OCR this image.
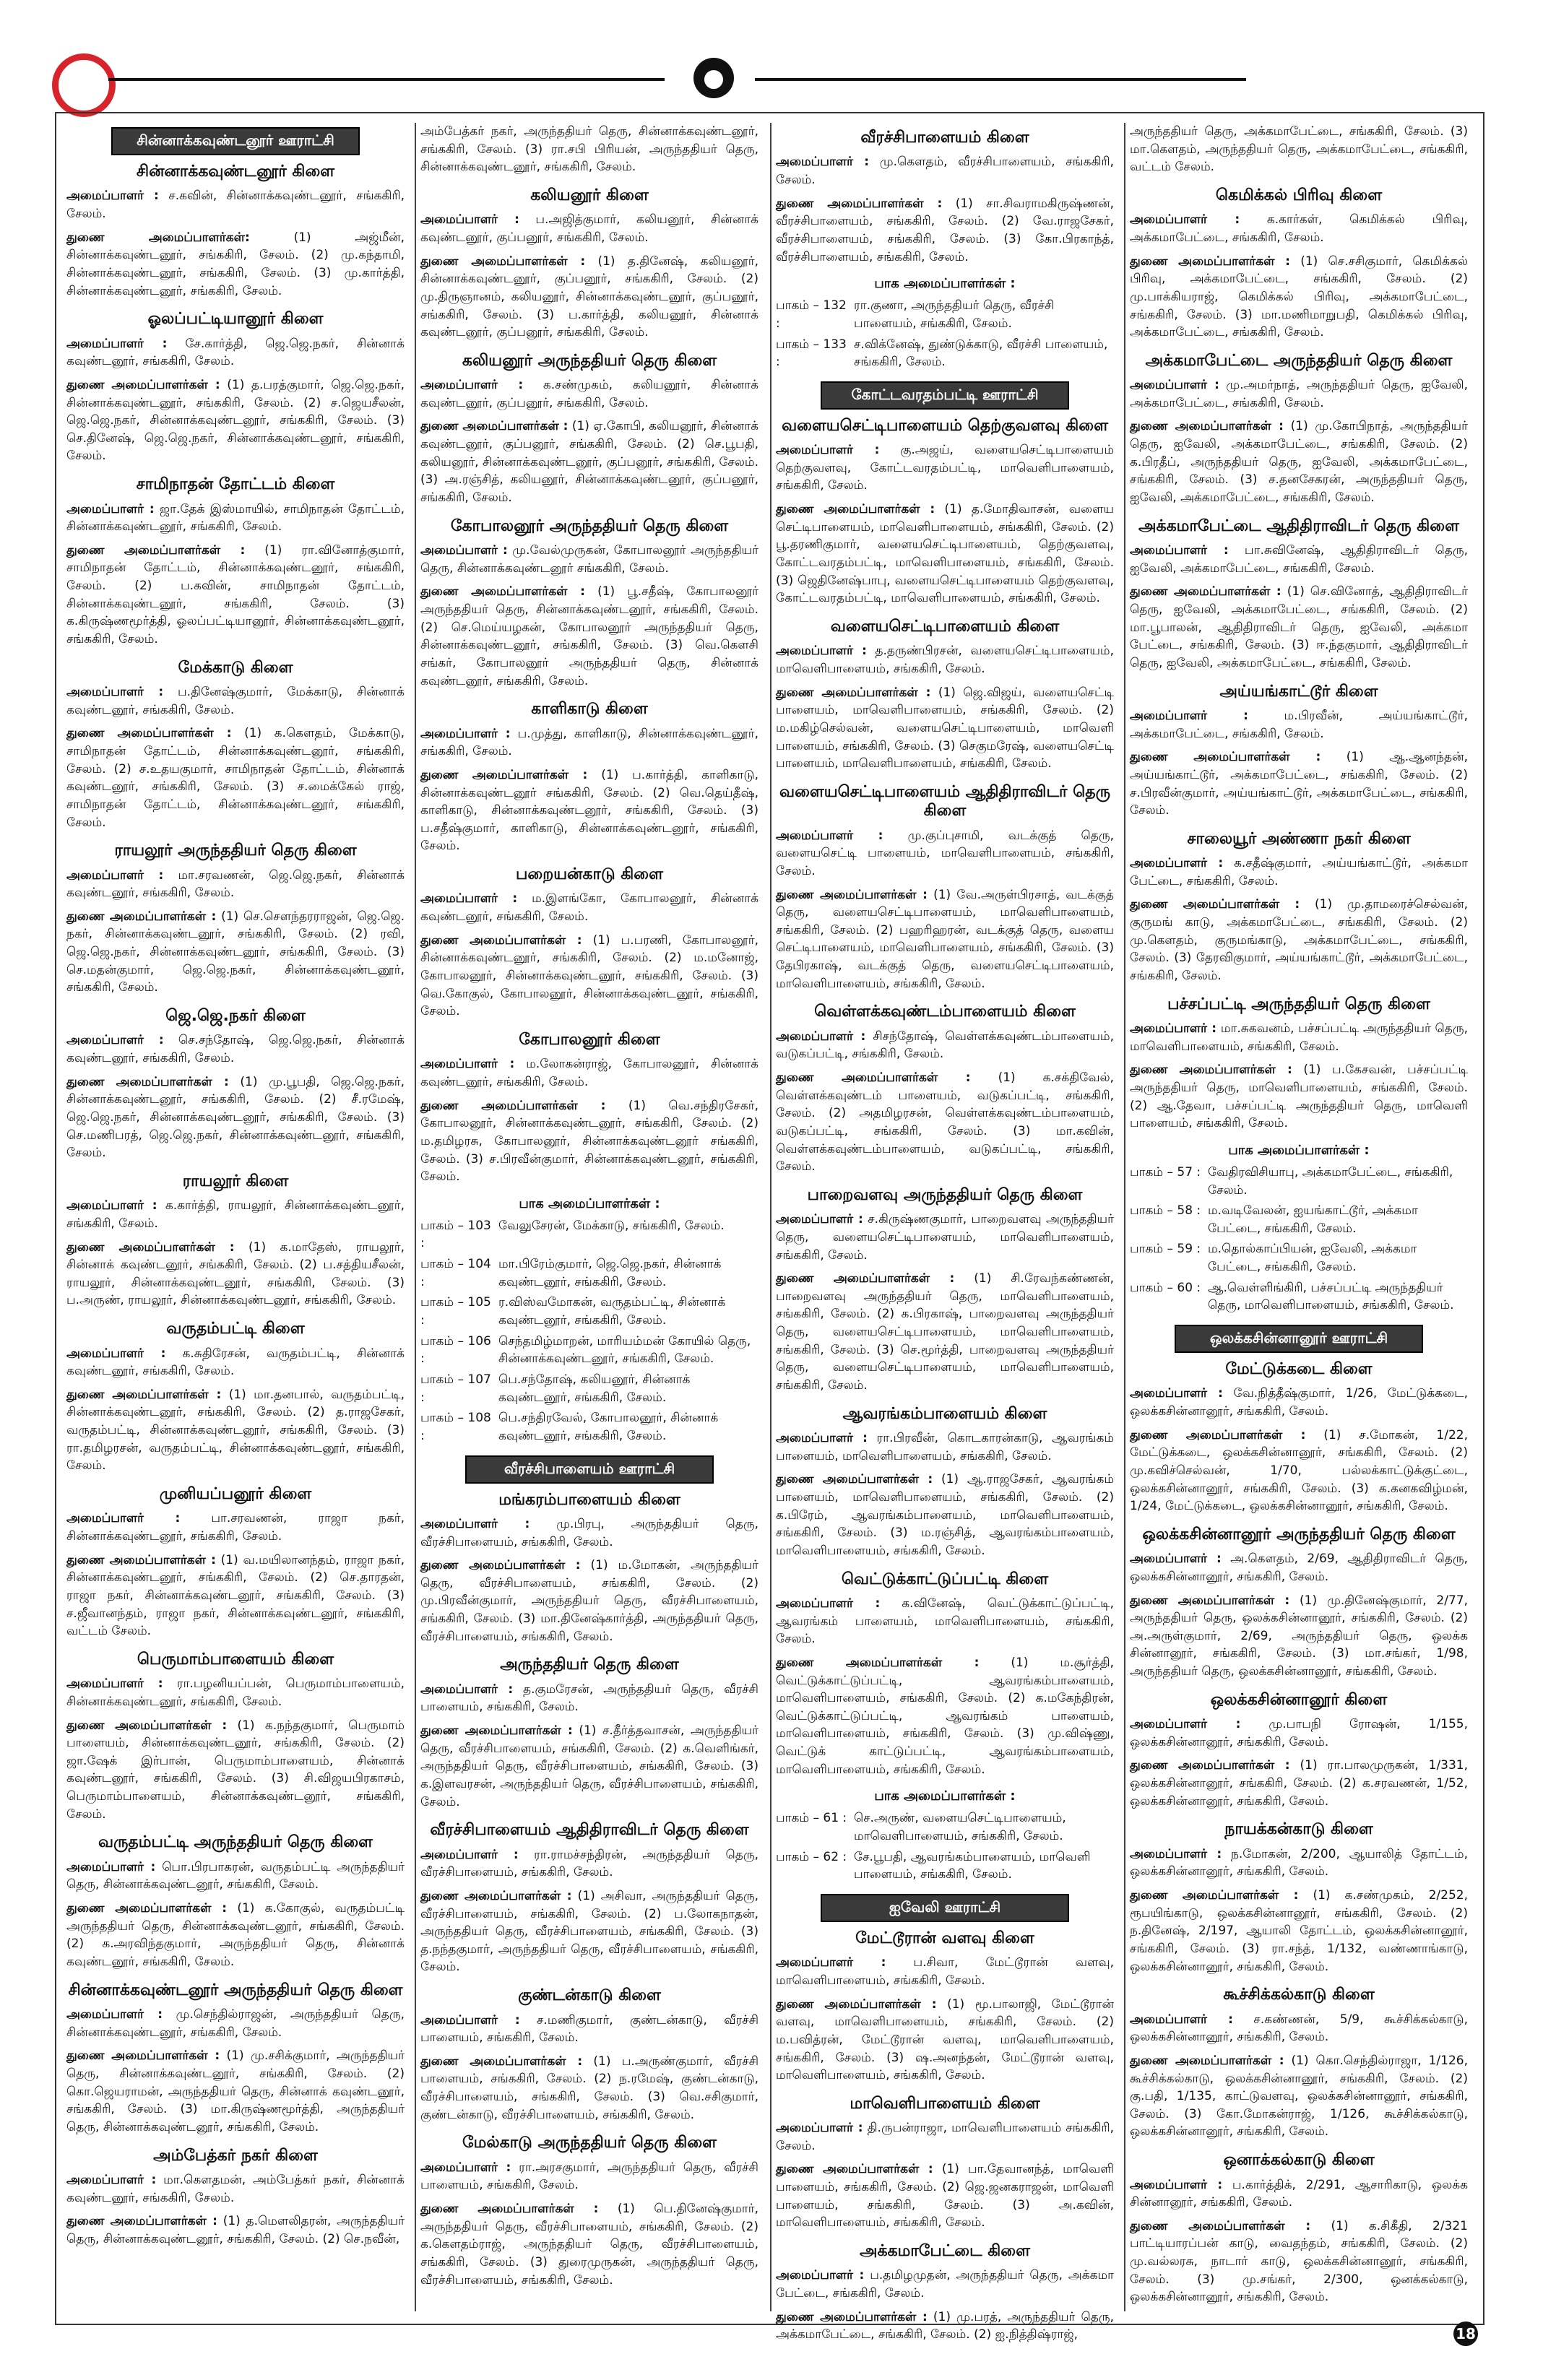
●
சின்னாக்கவுண்டனூர் ஊராட்சி
சின்னாக்கவுண்டனூர் கிளை

அமைப்பாளர் : ச.கவின், சின்னாக்கவுண்டனூர், சங்ககிரி, சேலம்.

துணை அமைப்பாளர்கள்:	(1) அஜ்மீன், சின்னாக்கவுண்டனூர், சங்ககிரி, சேலம். (2) மு.கந்தாமி, சின்னாக்கவுண்டனூர், சங்ககிரி, சேலம். (3) மு.கார்த்தி, சின்னாக்கவுண்டனூர், சங்ககிரி, சேலம்.

ஓலப்பட்டியானூர் கிளை

அமைப்பாளர் : சே.கார்த்தி, ஜெ.ஜெ.நகர், சின்னாக் கவுண்டனூர், சங்ககிரி, சேலம்.

துணை அமைப்பாளர்கள் : (1) த.பரத்குமார், ஜெ.ஜெ.நகர், சின்னாக்கவுண்டனூர், சங்ககிரி, சேலம். (2) ச.ஜெயசீலன், ஜெ.ஜெ.நகர், சின்னாக்கவுண்டனூர், சங்ககிரி, சேலம். (3) செ.தினேஷ், ஜெ.ஜெ.நகர், சின்னாக்கவுண்டனூர், சங்ககிரி, சேலம்.

சாமிநாதன் தோட்டம் கிளை

அமைப்பாளர் : ஜா.தேக் இஸ்மாயில், சாமிநாதன் தோட்டம், சின்னாக்கவுண்டனூர், சங்ககிரி, சேலம்.

துணை அமைப்பாளர்கள் : (1) ரா.வினோத்குமார், சாமிநாதன் தோட்டம், சின்னாக்கவுண்டனூர், சங்ககிரி, சேலம். (2) ப.கவின், சாமிநாதன் தோட்டம், சின்னாக்கவுண்டனூர், சங்ககிரி, சேலம். (3) க.கிருஷ்ணமூர்த்தி, ஓலப்பட்டியானூர், சின்னாக்கவுண்டனூர், சங்ககிரி, சேலம்.

மேக்காடு கிளை

அமைப்பாளர் : ப.தினேஷ்குமார், மேக்காடு, சின்னாக் கவுண்டனூர், சங்ககிரி, சேலம்.

துணை அமைப்பாளர்கள் : (1) க.கௌதம், மேக்காடு, சாமிநாதன் தோட்டம், சின்னாக்கவுண்டனூர், சங்ககிரி, சேலம். (2) ச.உதயகுமார், சாமிநாதன் தோட்டம், சின்னாக் கவுண்டனூர், சங்ககிரி, சேலம். (3) ச.மைக்கேல் ராஜ், சாமிநாதன் தோட்டம், சின்னாக்கவுண்டனூர், சங்ககிரி, சேலம்.

ராயலூர் அருந்ததியர் தெரு கிளை

அமைப்பாளர் : மா.சரவணன், ஜெ.ஜெ.நகர், சின்னாக் கவுண்டனூர், சங்ககிரி, சேலம்.

துணை அமைப்பாளர்கள் : (1) செ.சௌந்தரராஜன், ஜெ.ஜெ. நகர், சின்னாக்கவுண்டனூர், சங்ககிரி, சேலம். (2) ரவி, ஜெ.ஜெ.நகர், சின்னாக்கவுண்டனூர், சங்ககிரி, சேலம். (3) செ.மதன்குமார், ஜெ.ஜெ.நகர், சின்னாக்கவுண்டனூர், சங்ககிரி, சேலம்.

ஜெ.ஜெ.நகர் கிளை

அமைப்பாளர் : செ.சந்தோஷ், ஜெ.ஜெ.நகர், சின்னாக் கவுண்டனூர், சங்ககிரி, சேலம்.

துணை அமைப்பாளர்கள் : (1) மு.பூபதி, ஜெ.ஜெ.நகர், சின்னாக்கவுண்டனூர், சங்ககிரி, சேலம். (2) சீ.ரமேஷ், ஜெ.ஜெ.நகர், சின்னாக்கவுண்டனூர், சங்ககிரி, சேலம். (3) செ.மணிபரத், ஜெ.ஜெ.நகர், சின்னாக்கவுண்டனூர், சங்ககிரி, சேலம்.

ராயலூர் கிளை

அமைப்பாளர் : க.கார்த்தி, ராயலூர், சின்னாக்கவுண்டனூர், சங்ககிரி, சேலம்.

துணை அமைப்பாளர்கள் : (1) க.மாதேஸ், ராயலூர், சின்னாக் கவுண்டனூர், சங்ககிரி, சேலம். (2) ப.சத்தியசீலன், ராயலூர், சின்னாக்கவுண்டனூர், சங்ககிரி, சேலம். (3) ப.அருண், ராயலூர், சின்னாக்கவுண்டனூர், சங்ககிரி, சேலம்.

வருதம்பட்டி கிளை

அமைப்பாளர் : க.சுதிரேசன், வருதம்பட்டி, சின்னாக் கவுண்டனூர், சங்ககிரி, சேலம்.

துணை அமைப்பாளர்கள் : (1) மா.தனபால், வருதம்பட்டி, சின்னாக்கவுண்டனூர், சங்ககிரி, சேலம். (2) த.ராஜசேகர், வருதம்பட்டி, சின்னாக்கவுண்டனூர், சங்ககிரி, சேலம். (3) ரா.தமிழரசன், வருதம்பட்டி, சின்னாக்கவுண்டனூர், சங்ககிரி, சேலம்.

முனியப்பனூர் கிளை

அமைப்பாளர் :	பா.சரவணன், ராஜா நகர், சின்னாக்கவுண்டனூர், சங்ககிரி, சேலம்.

துணை அமைப்பாளர்கள் : (1) வ.மயிலானந்தம், ராஜா நகர், சின்னாக்கவுண்டனூர், சங்ககிரி, சேலம். (2) செ.தாரதன், ராஜா நகர், சின்னாக்கவுண்டனூர், சங்ககிரி, சேலம். (3) ச.ஜீவானந்தம், ராஜா நகர், சின்னாக்கவுண்டனூர், சங்ககிரி, வட்டம் சேலம்.

பெருமாம்பாளையம் கிளை

அமைப்பாளர் : ரா.பழனியப்பன், பெருமாம்பாளையம், சின்னாக்கவுண்டனூர், சங்ககிரி, சேலம்.

துணை அமைப்பாளர்கள் : (1) க.நந்தகுமார், பெருமாம் பாளையம், சின்னாக்கவுண்டனூர், சங்ககிரி, சேலம். (2) ஜா.ஷேக் இர்பான், பெருமாம்பாளையம், சின்னாக் கவுண்டனூர், சங்ககிரி, சேலம். (3) சி.விஜயபிரகாசம், பெருமாம்பாளையம், சின்னாக்கவுண்டனூர், சங்ககிரி, சேலம்.

வருதம்பட்டி அருந்ததியர் தெரு கிளை

அமைப்பாளர் : பொ.பிரபாகரன், வருதம்பட்டி அருந்ததியர் தெரு, சின்னாக்கவுண்டனூர், சங்ககிரி, சேலம்.

துணை அமைப்பாளர்கள் : (1) க.கோகுல், வருதம்பட்டி அருந்ததியர் தெரு, சின்னாக்கவுண்டனூர், சங்ககிரி, சேலம். (2) க.அரவிந்தகுமார், அருந்ததியர் தெரு, சின்னாக் கவுண்டனூர், சங்ககிரி, சேலம்.

சின்னாக்கவுண்டனூர் அருந்ததியர் தெரு கிளை

அமைப்பாளர் : மு.செந்தில்ராஜன், அருந்ததியர் தெரு, சின்னாக்கவுண்டனூர், சங்ககிரி, சேலம்.

துணை அமைப்பாளர்கள் : (1) மு.சசிக்குமார், அருந்ததியர் தெரு, சின்னாக்கவுண்டனூர், சங்ககிரி, சேலம். (2) கொ.ஜெயராமன், அருந்ததியர் தெரு, சின்னாக் கவுண்டனூர், சங்ககிரி, சேலம். (3) மா.கிருஷ்ணமூர்த்தி, அருந்ததியர் தெரு, சின்னாக்கவுண்டனூர், சங்ககிரி, சேலம்.

அம்பேத்கர் நகர் கிளை

அமைப்பாளர் : மா.கௌதமன், அம்பேத்கர் நகர், சின்னாக் கவுண்டனூர், சங்ககிரி, சேலம்.

துணை அமைப்பாளர்கள் : (1) த.மௌலிதரன், அருந்ததியர் தெரு, சின்னாக்கவுண்டனூர், சங்ககிரி, சேலம். (2) செ.நவீன்,

அம்பேத்கர் நகர், அருந்ததியர் தெரு, சின்னாக்கவுண்டனூர், சங்ககிரி, சேலம். (3) ரா.சபி பிரியன், அருந்ததியர் தெரு, சின்னாக்கவுண்டனூர், சங்ககிரி, சேலம்.

கலியனூர் கிளை

அமைப்பாளர் : ப.அஜித்குமார், கலியனூர், சின்னாக் கவுண்டனூர், குப்பனூர், சங்ககிரி, சேலம்.

துணை அமைப்பாளர்கள் : (1) த.தினேஷ், கலியனூர், சின்னாக்கவுண்டனூர், குப்பனூர், சங்ககிரி, சேலம். (2) மு.திருஞானம், கலியனூர், சின்னாக்கவுண்டனூர், குப்பனூர், சங்ககிரி, சேலம். (3) ப.கார்த்தி, கலியனூர், சின்னாக் கவுண்டனூர், குப்பனூர், சங்ககிரி, சேலம்.

கலியனூர் அருந்ததியர் தெரு கிளை

அமைப்பாளர் : க.சண்முகம், கலியனூர், சின்னாக் கவுண்டனூர், குப்பனூர், சங்ககிரி, சேலம்.

துணை அமைப்பாளர்கள் : (1) ஏ.கோபி, கலியனூர், சின்னாக் கவுண்டனூர், குப்பனூர், சங்ககிரி, சேலம். (2) செ.பூபதி, கலியனூர், சின்னாக்கவுண்டனூர், குப்பனூர், சங்ககிரி, சேலம். (3) அ.ரஞ்சித், கலியனூர், சின்னாக்கவுண்டனூர், குப்பனூர், சங்ககிரி, சேலம்.

கோபாலனூர் அருந்ததியர் தெரு கிளை

அமைப்பாளர் : மு.வேல்முருகன், கோபாலனூர் அருந்ததியர் தெரு, சின்னாக்கவுண்டனூர் சங்ககிரி, சேலம்.

துணை அமைப்பாளர்கள் : (1) பூ.சதீஷ், கோபாலனூர் அருந்ததியர் தெரு, சின்னாக்கவுண்டனூர், சங்ககிரி, சேலம். (2) செ.மெய்யழகன், கோபாலனூர் அருந்ததியர் தெரு, சின்னாக்கவுண்டனூர், சங்ககிரி, சேலம். (3) வெ.கௌசி சங்கர், கோபாலனூர் அருந்ததியர் தெரு, சின்னாக் கவுண்டனூர், சங்ககிரி, சேலம்.

காளிகாடு கிளை

அமைப்பாளர் : ப.முத்து, காளிகாடு, சின்னாக்கவுண்டனூர், சங்ககிரி, சேலம்.

துணை அமைப்பாளர்கள் : (1) ப.கார்த்தி, காளிகாடு, சின்னாக்கவுண்டனூர் சங்ககிரி, சேலம். (2) வெ.தெய்தீஷ், காளிகாடு, சின்னாக்கவுண்டனூர், சங்ககிரி, சேலம். (3) ப.சதீஷ்குமார், காளிகாடு, சின்னாக்கவுண்டனூர், சங்ககிரி, சேலம்.

பறையன்காடு கிளை

அமைப்பாளர் : ம.இளங்கோ, கோபாலனூர், சின்னாக் கவுண்டனூர், சங்ககிரி, சேலம்.

துணை அமைப்பாளர்கள் : (1) ப.பரணி, கோபாலனூர், சின்னாக்கவுண்டனூர், சங்ககிரி, சேலம். (2) ம.மனோஜ், கோபாலனூர், சின்னாக்கவுண்டனூர், சங்ககிரி, சேலம். (3) வெ.கோகுல், கோபாலனூர், சின்னாக்கவுண்டனூர், சங்ககிரி, சேலம்.

கோபாலனூர் கிளை

அமைப்பாளர் : ம.லோகன்ராஜ், கோபாலனூர், சின்னாக் கவுண்டனூர், சங்ககிரி, சேலம்.

துணை அமைப்பாளர்கள் : (1) வெ.சந்திரசேகர், கோபாலனூர், சின்னாக்கவுண்டனூர், சங்ககிரி, சேலம். (2) ம.தமிழரசு, கோபாலனூர், சின்னாக்கவுண்டனூர் சங்ககிரி, சேலம். (3) ச.பிரவீன்குமார், சின்னாக்கவுண்டனூர், சங்ககிரி, சேலம்.

பாக அமைப்பாளர்கள் :
பாகம் – 103 :
வேலுசேரன், மேக்காடு, சங்ககிரி, சேலம்.
பாகம் – 104 :
மா.பிரேம்குமார், ஜெ.ஜெ.நகர், சின்னாக் கவுண்டனூர், சங்ககிரி, சேலம்.
பாகம் – 105 :
ர.விஸ்வமோகன், வருதம்பட்டி, சின்னாக் கவுண்டனூர், சங்ககிரி, சேலம்.
பாகம் – 106 :
செந்தமிழ்மாறன், மாரியம்மன் கோயில் தெரு, சின்னாக்கவுண்டனூர், சங்ககிரி, சேலம்.
பாகம் – 107 :
பெ.சந்தோஷ், கலியனூர், சின்னாக் கவுண்டனூர், சங்ககிரி, சேலம்.
பாகம் – 108 :
பெ.சந்திரவேல், கோபாலனூர், சின்னாக் கவுண்டனூர், சங்ககிரி, சேலம்.
வீரச்சிபாளையம் ஊராட்சி
மங்கரம்பாளையம் கிளை

அமைப்பாளர் : மு.பிரபு, அருந்ததியர் தெரு, வீரச்சிபாளையம், சங்ககிரி, சேலம்.

துணை அமைப்பாளர்கள் : (1) ம.மோகன், அருந்ததியர் தெரு, வீரச்சிபாளையம், சங்ககிரி, சேலம். (2) மு.பிரவீன்குமார், அருந்ததியர் தெரு, வீரச்சிபாளையம், சங்ககிரி, சேலம். (3) மா.தினேஷ்கார்த்தி, அருந்ததியர் தெரு, வீரச்சிபாளையம், சங்ககிரி, சேலம்.

அருந்ததியர் தெரு கிளை

அமைப்பாளர் : த.குமரேசன், அருந்ததியர் தெரு, வீரச்சி பாளையம், சங்ககிரி, சேலம்.

துணை அமைப்பாளர்கள் : (1) ச.தீர்த்தவாசன், அருந்ததியர் தெரு, வீரச்சிபாளையம், சங்ககிரி, சேலம். (2) க.வெளிங்கர், அருந்ததியர் தெரு, வீரச்சிபாளையம், சங்ககிரி, சேலம். (3) க.இளவரசன், அருந்ததியர் தெரு, வீரச்சிபாளையம், சங்ககிரி, சேலம்.

வீரச்சிபாளையம் ஆதிதிராவிடர் தெரு கிளை

அமைப்பாளர் : ரா.ராமச்சந்திரன், அருந்ததியர் தெரு, வீரச்சிபாளையம், சங்ககிரி, சேலம்.

துணை அமைப்பாளர்கள் : (1) அசிவா, அருந்ததியர் தெரு, வீரச்சிபாளையம், சங்ககிரி, சேலம். (2) ப.லோகநாதன், அருந்ததியர் தெரு, வீரச்சிபாளையம், சங்ககிரி, சேலம். (3) த.நந்தகுமார், அருந்ததியர் தெரு, வீரச்சிபாளையம், சங்ககிரி, சேலம்.

குண்டன்காடு கிளை

அமைப்பாளர் : ச.மணிகுமார், குண்டன்காடு, வீரச்சி பாளையம், சங்ககிரி, சேலம்.

துணை அமைப்பாளர்கள் : (1) ப.அருண்குமார், வீரச்சி பாளையம், சங்ககிரி, சேலம். (2) ந.ரமேஷ், குண்டன்காடு, வீரச்சிபாளையம், சங்ககிரி, சேலம். (3) வெ.சசிகுமார், குண்டன்காடு, வீரச்சிபாளையம், சங்ககிரி, சேலம்.

மேல்காடு அருந்ததியர் தெரு கிளை

அமைப்பாளர் : ரா.அரசகுமார், அருந்ததியர் தெரு, வீரச்சி பாளையம், சங்ககிரி, சேலம்.

துணை அமைப்பாளர்கள் : (1) பெ.தினேஷ்குமார், அருந்ததியர் தெரு, வீரச்சிபாளையம், சங்ககிரி, சேலம். (2) க.கௌதம்ராஜ், அருந்ததியர் தெரு, வீரச்சிபாளையம், சங்ககிரி, சேலம். (3) துரைமுருகன், அருந்ததியர் தெரு, வீரச்சிபாளையம், சங்ககிரி, சேலம்.

வீரச்சிபாளையம் கிளை

அமைப்பாளர் : மு.கௌதம், வீரச்சிபாளையம், சங்ககிரி, சேலம்.

துணை அமைப்பாளர்கள் : (1) சா.சிவராமகிருஷ்ணன், வீரச்சிபாளையம், சங்ககிரி, சேலம். (2) வே.ராஜசேகர், வீரச்சிபாளையம், சங்ககிரி, சேலம். (3) கோ.பிரகாந்த், வீரச்சிபாளையம், சங்ககிரி, சேலம்.

பாக அமைப்பாளர்கள் :
பாகம் – 132 :
ரா.குணா, அருந்ததியர் தெரு, வீரச்சி பாளையம், சங்ககிரி, சேலம்.
பாகம் – 133 :
ச.விக்னேஷ், துண்டுக்காடு, வீரச்சி பாளையம், சங்ககிரி, சேலம்.
கோட்டவரதம்பட்டி ஊராட்சி
வளையசெட்டிபாளையம் தெற்குவளவு கிளை

அமைப்பாளர் : கு.அஜய், வளையசெட்டிபாளையம் தெற்குவளவு, கோட்டவரதம்பட்டி, மாவெளிபாளையம், சங்ககிரி, சேலம்.

துணை அமைப்பாளர்கள் : (1) த.மோதிவாசன், வளைய செட்டிபாளையம், மாவெளிபாளையம், சங்ககிரி, சேலம். (2) பூ.தரணிகுமார், வளையசெட்டிபாளையம், தெற்குவளவு, கோட்டவரதம்பட்டி, மாவெளிபாளையம், சங்ககிரி, சேலம். (3) ஜெதினேஷ்பாபு, வளையசெட்டிபாளையம் தெற்குவளவு, கோட்டவரதம்பட்டி, மாவெளிபாளையம், சங்ககிரி, சேலம்.

வளையசெட்டிபாளையம் கிளை

அமைப்பாளர் : த.தருண்பிரசன், வளையசெட்டிபாளையம், மாவெளிபாளையம், சங்ககிரி, சேலம்.

துணை அமைப்பாளர்கள் : (1) ஜெ.விஜய், வளையசெட்டி பாளையம், மாவெளிபாளையம், சங்ககிரி, சேலம். (2) ம.மகிழ்செல்வன், வளையசெட்டிபாளையம், மாவெளி பாளையம், சங்ககிரி, சேலம். (3) செகுமரேஷ், வளையசெட்டி பாளையம், மாவெளிபாளையம், சங்ககிரி, சேலம்.

வளையசெட்டிபாளையம் ஆதிதிராவிடர் தெரு கிளை

அமைப்பாளர் : மு.குப்புசாமி, வடக்குத் தெரு, வளையசெட்டி பாளையம், மாவெளிபாளையம், சங்ககிரி, சேலம்.

துணை அமைப்பாளர்கள் : (1) வே.அருள்பிரசாத், வடக்குத் தெரு, வளையசெட்டிபாளையம், மாவெளிபாளையம், சங்ககிரி, சேலம். (2) பஹரிஹரன், வடக்குத் தெரு, வளைய செட்டிபாளையம், மாவெளிபாளையம், சங்ககிரி, சேலம். (3) தேபிரகாஷ், வடக்குத் தெரு, வளையசெட்டிபாளையம், மாவெளிபாளையம், சங்ககிரி, சேலம்.

வெள்ளக்கவுண்டம்பாளையம் கிளை

அமைப்பாளர் : சிசந்தோஷ், வெள்ளக்கவுண்டம்பாளையம், வடுகப்பட்டி, சங்ககிரி, சேலம்.

துணை அமைப்பாளர்கள் : (1) க.சக்திவேல், வெள்ளக்கவுண்டம் பாளையம், வடுகப்பட்டி, சங்ககிரி, சேலம். (2) அதமிழரசன், வெள்ளக்கவுண்டம்பாளையம், வடுகப்பட்டி, சங்ககிரி, சேலம். (3) மா.கவின், வெள்ளக்கவுண்டம்பாளையம், வடுகப்பட்டி, சங்ககிரி, சேலம்.

பாறைவளவு அருந்ததியர் தெரு கிளை

அமைப்பாளர் : ச.கிருஷ்ணகுமார், பாறைவளவு அருந்ததியர் தெரு, வளையசெட்டிபாளையம், மாவெளிபாளையம், சங்ககிரி, சேலம்.

துணை அமைப்பாளர்கள் : (1) சி.ரேவந்கண்ணன், பாறைவளவு அருந்ததியர் தெரு, மாவெளிபாளையம், சங்ககிரி, சேலம். (2) க.பிரகாஷ், பாறைவளவு அருந்ததியர் தெரு, வளையசெட்டிபாளையம், மாவெளிபாளையம், சங்ககிரி, சேலம். (3) செ.மூர்த்தி, பாறைவளவு அருந்ததியர் தெரு, வளையசெட்டிபாளையம், மாவெளிபாளையம், சங்ககிரி, சேலம்.

ஆவரங்கம்பாளையம் கிளை

அமைப்பாளர் : ரா.பிரவீன், கொடகாரன்காடு, ஆவரங்கம் பாளையம், மாவெளிபாளையம், சங்ககிரி, சேலம்.

துணை அமைப்பாளர்கள் : (1) ஆ.ராஜசேகர், ஆவரங்கம் பாளையம், மாவெளிபாளையம், சங்ககிரி, சேலம். (2) க.பிரேம், ஆவரங்கம்பாளையம், மாவெளிபாளையம், சங்ககிரி, சேலம். (3) ம.ரஞ்சித், ஆவரங்கம்பாளையம், மாவெளிபாளையம், சங்ககிரி, சேலம்.

வெட்டுக்காட்டுப்பட்டி கிளை

அமைப்பாளர் : க.வினேஷ், வெட்டுக்காட்டுப்பட்டி, ஆவரங்கம் பாளையம், மாவெளிபாளையம், சங்ககிரி, சேலம்.

துணை அமைப்பாளர்கள் :	(1) ம.சூர்த்தி, வெட்டுக்காட்டுப்பட்டி, ஆவரங்கம்பாளையம், மாவெளிபாளையம், சங்ககிரி, சேலம். (2) க.மகேந்திரன், வெட்டுக்காட்டுப்பட்டி, ஆவரங்கம் பாளையம், மாவெளிபாளையம், சங்ககிரி, சேலம். (3) மு.விஷ்ணு, வெட்டுக் காட்டுப்பட்டி, ஆவரங்கம்பாளையம், மாவெளிபாளையம், சங்ககிரி, சேலம்.

பாக அமைப்பாளர்கள் :
பாகம் – 61 : செ.அருண், வளையசெட்டிபாளையம், மாவெளிபாளையம், சங்ககிரி, சேலம்.
பாகம் – 62 : சே.பூபதி, ஆவரங்கம்பாளையம், மாவெளி பாளையம், சங்ககிரி, சேலம்.
ஐவேலி ஊராட்சி
மேட்டூரான் வளவு கிளை

அமைப்பாளர் : ப.சிவா, மேட்டூரான் வளவு, மாவெளிபாளையம், சங்ககிரி, சேலம்.

துணை அமைப்பாளர்கள் : (1) மூ.பாலாஜி, மேட்டூரான் வளவு, மாவெளிபாளையம், சங்ககிரி, சேலம். (2) ம.பவித்ரன், மேட்டூரான் வளவு, மாவெளிபாளையம், சங்ககிரி, சேலம். (3) ஷ.அனந்தன், மேட்டூரான் வளவு, மாவெளிபாளையம், சங்ககிரி, சேலம்.

மாவெளிபாளையம் கிளை

அமைப்பாளர் : தி.ருபன்ராஜா, மாவெளிபாளையம் சங்ககிரி, சேலம்.

துணை அமைப்பாளர்கள் : (1) பா.தேவானந்த், மாவெளி பாளையம், சங்ககிரி, சேலம். (2) ஜெ.ஜனகராஜன், மாவெளி பாளையம், சங்ககிரி, சேலம். (3) அ.கவின், மாவெளிபாளையம், சங்ககிரி, சேலம்.

அக்கமாபேட்டை கிளை

அமைப்பாளர் : ப.தமிழமுதன், அருந்ததியர் தெரு, அக்கமா பேட்டை, சங்ககிரி, சேலம்.

துணை அமைப்பாளர்கள் : (1) மு.பரத், அருந்ததியர் தெரு, அக்கமாபேட்டை, சங்ககிரி, சேலம். (2) ஐ.நித்திஷ்ராஜ்,

அருந்ததியர் தெரு, அக்கமாபேட்டை, சங்ககிரி, சேலம். (3) மா.கௌதம், அருந்ததியர் தெரு, அக்கமாபேட்டை, சங்ககிரி, வட்டம் சேலம்.

கெமிக்கல் பிரிவு கிளை

அமைப்பாளர் : க.கார்கள், கெமிக்கல் பிரிவு, அக்கமாபேட்டை, சங்ககிரி, சேலம்.

துணை அமைப்பாளர்கள் : (1) செ.சசிகுமார், கெமிக்கல் பிரிவு, அக்கமாபேட்டை, சங்ககிரி, சேலம். (2) மு.பாக்கியராஜ், கெமிக்கல் பிரிவு, அக்கமாபேட்டை, சங்ககிரி, சேலம். (3) மா.மணிமாறுபதி, கெமிக்கல் பிரிவு, அக்கமாபேட்டை, சங்ககிரி, சேலம்.

அக்கமாபேட்டை அருந்ததியர் தெரு கிளை

அமைப்பாளர் : மு.அமர்நாத், அருந்ததியர் தெரு, ஐவேலி, அக்கமாபேட்டை, சங்ககிரி, சேலம்.

துணை அமைப்பாளர்கள் : (1) மு.கோபிநாத், அருந்ததியர் தெரு, ஐவேலி, அக்கமாபேட்டை, சங்ககிரி, சேலம். (2) க.பிரதீப், அருந்ததியர் தெரு, ஐவேலி, அக்கமாபேட்டை, சங்ககிரி, சேலம். (3) ச.தனசேகரன், அருந்ததியர் தெரு, ஐவேலி, அக்கமாபேட்டை, சங்ககிரி, சேலம்.

அக்கமாபேட்டை ஆதிதிராவிடர் தெரு கிளை

அமைப்பாளர் : பா.சுவினேஷ், ஆதிதிராவிடர் தெரு, ஐவேலி, அக்கமாபேட்டை, சங்ககிரி, சேலம்.

துணை அமைப்பாளர்கள் : (1) செ.வினோத், ஆதிதிராவிடர் தெரு, ஐவேலி, அக்கமாபேட்டை, சங்ககிரி, சேலம். (2) மா.பூபாலன், ஆதிதிராவிடர் தெரு, ஐவேலி, அக்கமா பேட்டை, சங்ககிரி, சேலம். (3) ஈ.ந்தகுமார், ஆதிதிராவிடர் தெரு, ஐவேலி, அக்கமாபேட்டை, சங்ககிரி, சேலம்.

அய்யங்காட்டூர் கிளை

அமைப்பாளர் :	ம.பிரவீன், அய்யங்காட்டூர், அக்கமாபேட்டை, சங்ககிரி, சேலம்.

துணை அமைப்பாளர்கள் : (1) ஆ.ஆனந்தன், அய்யங்காட்டூர், அக்கமாபேட்டை, சங்ககிரி, சேலம். (2) ச.பிரவீன்குமார், அய்யங்காட்டூர், அக்கமாபேட்டை, சங்ககிரி, சேலம்.

சாலையூர் அண்ணா நகர் கிளை

அமைப்பாளர் : க.சதீஷ்குமார், அய்யங்காட்டூர், அக்கமா பேட்டை, சங்ககிரி, சேலம்.

துணை அமைப்பாளர்கள் : (1) மு.தாமரைச்செல்வன், குருமங் காடு, அக்கமாபேட்டை, சங்ககிரி, சேலம். (2) மு.கௌதம், குருமங்காடு, அக்கமாபேட்டை, சங்ககிரி, சேலம். (3) தேரவிகுமார், அய்யங்காட்டூர், அக்கமாபேட்டை, சங்ககிரி, சேலம்.

பச்சப்பட்டி அருந்ததியர் தெரு கிளை

அமைப்பாளர் : மா.சுகவனம், பச்சப்பட்டி அருந்ததியர் தெரு, மாவெளிபாளையம், சங்ககிரி, சேலம்.

துணை அமைப்பாளர்கள் : (1) ப.கேசவன், பச்சப்பட்டி அருந்ததியர் தெரு, மாவெளிபாளையம், சங்ககிரி, சேலம். (2) ஆ.தேவா, பச்சப்பட்டி அருந்ததியர் தெரு, மாவெளி பாளையம், சங்ககிரி, சேலம்.

பாக அமைப்பாளர்கள் :
பாகம் – 57 : வேதிரவிசியாபு, அக்கமாபேட்டை, சங்ககிரி, சேலம்.
பாகம் – 58 : ம.வடிவேலன், ஐயங்காட்டூர், அக்கமா பேட்டை, சங்ககிரி, சேலம்.
பாகம் – 59 : ம.தொல்காப்பியன், ஐவேலி, அக்கமா பேட்டை, சங்ககிரி, சேலம்.
பாகம் – 60 : ஆ.வெள்ளிங்கிரி, பச்சப்பட்டி அருந்ததியர் தெரு, மாவெளிபாளையம், சங்ககிரி, சேலம்.
ஒலக்கசின்னானூர் ஊராட்சி
மேட்டுக்கடை கிளை

அமைப்பாளர் : வே.நித்தீஷ்குமார், 1/26, மேட்டுக்கடை, ஒலக்கசின்னானூர், சங்ககிரி, சேலம்.

துணை அமைப்பாளர்கள் : (1) ச.மோகன், 1/22, மேட்டுக்கடை, ஒலக்கசின்னானூர், சங்ககிரி, சேலம். (2) மு.கவிச்செல்வன், 1/70, பல்லக்காட்டுக்குட்டை, ஒலக்கசின்னானூர், சங்ககிரி, சேலம். (3) க.கனகவிழ்மன், 1/24, மேட்டுக்கடை, ஒலக்கசின்னானூர், சங்ககிரி, சேலம்.

ஒலக்கசின்னானூர் அருந்ததியர் தெரு கிளை

அமைப்பாளர் : அ.கௌதம், 2/69, ஆதிதிராவிடர் தெரு, ஒலக்கசின்னானூர், சங்ககிரி, சேலம்.

துணை அமைப்பாளர்கள் : (1) மு.தினேஷ்குமார், 2/77, அருந்ததியர் தெரு, ஒலக்கசின்னானூர், சங்ககிரி, சேலம். (2) அ.அருள்குமார், 2/69, அருந்ததியர் தெரு, ஒலக்க சின்னானூர், சங்ககிரி, சேலம். (3) மா.சங்கர், 1/98, அருந்ததியர் தெரு, ஒலக்கசின்னானூர், சங்ககிரி, சேலம்.

ஒலக்கசின்னானூர் கிளை

அமைப்பாளர் : மு.பாபநி ரோஷன், 1/155, ஒலக்கசின்னானூர், சங்ககிரி, சேலம்.

துணை அமைப்பாளர்கள் : (1) ரா.பாலமுருகன், 1/331, ஒலக்கசின்னானூர், சங்ககிரி, சேலம். (2) க.சரவணன், 1/52, ஒலக்கசின்னானூர், சங்ககிரி, சேலம்.

நாயக்கன்காடு கிளை

அமைப்பாளர் : ந.மோகன், 2/200, ஆயாலித் தோட்டம், ஒலக்கசின்னானூர், சங்ககிரி, சேலம்.

துணை அமைப்பாளர்கள் : (1) க.சண்முகம், 2/252, ரூபயிங்காடு, ஒலக்கசின்னானூர், சங்ககிரி, சேலம். (2) ந.தினேஷ், 2/197, ஆயாலி தோட்டம், ஒலக்கசின்னானூர், சங்ககிரி, சேலம். (3) ரா.சந்த், 1/132, வண்ணாங்காடு, ஒலக்கசின்னானூர், சங்ககிரி, சேலம்.

கூச்சிக்கல்காடு கிளை

அமைப்பாளர் : ச.கண்ணன், 5/9, கூச்சிக்கல்காடு, ஒலக்கசின்னானூர், சங்ககிரி, சேலம்.

துணை அமைப்பாளர்கள் : (1) கொ.செந்தில்ராஜா, 1/126, கூச்சிக்கல்காடு, ஒலக்கசின்னானூர், சங்ககிரி, சேலம். (2) கு.பதி, 1/135, காட்டுவளவு, ஒலக்கசின்னானூர், சங்ககிரி, சேலம். (3) கோ.மோகன்ராஜ், 1/126, கூச்சிக்கல்காடு, ஒலக்கசின்னானூர், சங்ககிரி, சேலம்.

ஒனாக்கல்காடு கிளை

அமைப்பாளர் : ப.கார்த்திக், 2/291, ஆசாரிகாடு, ஒலக்க சின்னானூர், சங்ககிரி, சேலம்.

துணை அமைப்பாளர்கள் : (1) க.சிகீதி, 2/321 பாட்டியாரப்பன் காடு, வைதந்தம், சங்ககிரி, சேலம். (2) மு.வல்லரசு, நாடார் காடு, ஒலக்கசின்னானூர், சங்ககிரி, சேலம். (3) மு.சங்கர், 2/300, ஒனக்கல்காடு, ஒலக்கசின்னானூர், சங்ககிரி, சேலம்.

18
